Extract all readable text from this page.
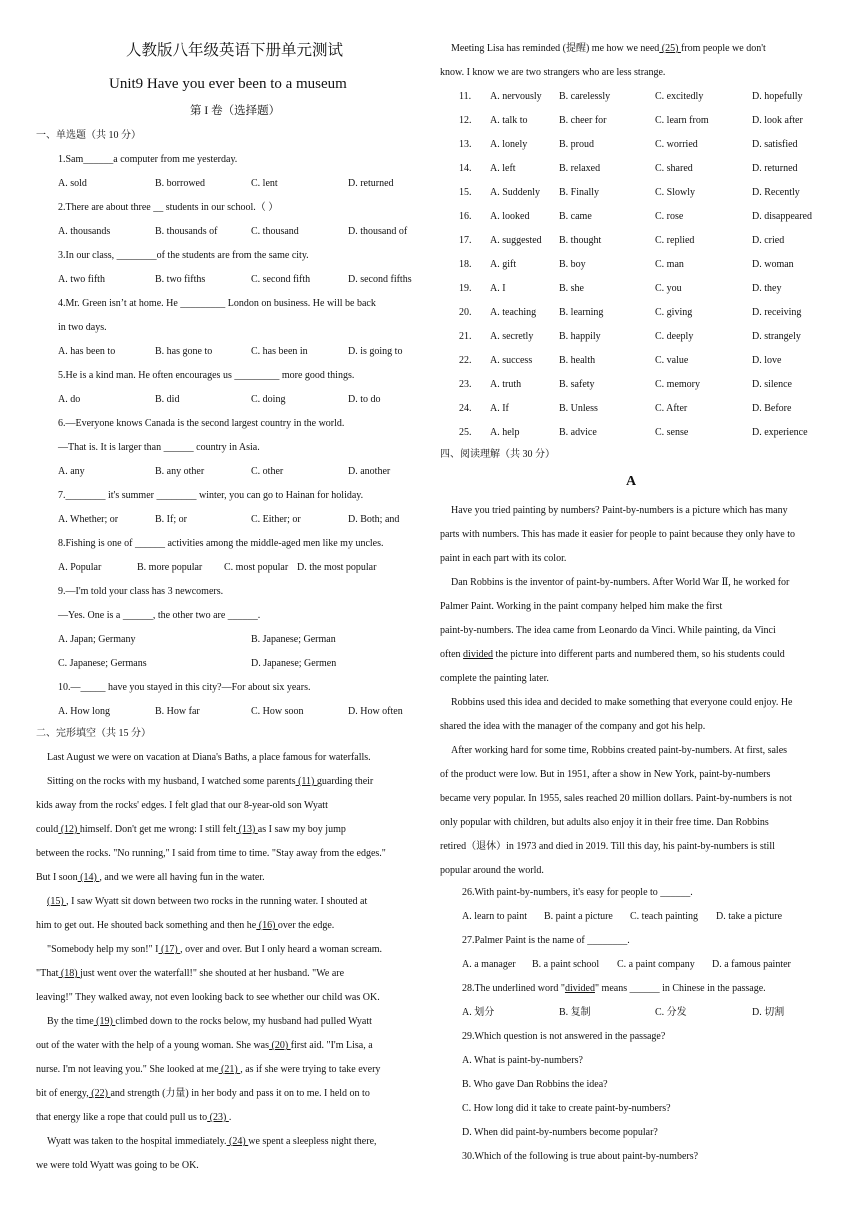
人教版八年级英语下册单元测试
Unit9 Have you ever been to a museum
第 I 卷（选择题）
一、单选题（共 10 分）
1.Sam______a computer from me yesterday.
A. sold	B. borrowed	C. lent	D. returned
2.There are about three __ students in our school.（ ）
A. thousands	B. thousands of	C. thousand	D. thousand of
3.In our class, ________of the students are from the same city.
A. two fifth	B. two fifths	C. second fifth	D. second fifths
4.Mr. Green isn’t at home. He _________ London on business. He will be back
in two days.
A. has been to	B. has gone to	C. has been in	D. is going to
5.He is a kind man. He often encourages us _________ more good things.
A. do	B. did	C. doing	D. to do
6.—Everyone knows Canada is the second largest country in the world.
—That is. It is larger than ______ country in Asia.
A. any	B. any other	C. other	D. another
7.________ it's summer ________ winter, you can go to Hainan for holiday.
A. Whether; or	B. If; or	C. Either; or	D. Both; and
8.Fishing is one of ______ activities among the middle-aged men like my uncles.
A. Popular	B. more popular C. most popular D. the most popular
9.—I'm told your class has 3 newcomers.
—Yes. One is a ______, the other two are ______.
A. Japan; Germany	B. Japanese; German
C. Japanese; Germans	D. Japanese; Germen
10.—_____ have you stayed in this city?—For about six years.
A. How long	B. How far	C. How soon	D. How often
二、完形填空（共 15 分）
Last August we were on vacation at Diana's Baths, a place famous for waterfalls.
Sitting on the rocks with my husband, I watched some parents (11) guarding their
kids away from the rocks' edges. I felt glad that our 8-year-old son Wyatt
could (12) himself. Don't get me wrong: I still felt (13) as I saw my boy jump
between the rocks. "No running," I said from time to time. "Stay away from the edges."
But I soon (14) , and we were all having fun in the water.
(15) , I saw Wyatt sit down between two rocks in the running water. I shouted at
him to get out. He shouted back something and then he (16) over the edge.
"Somebody help my son!" I (17) , over and over. But I only heard a woman scream.
"That (18) just went over the waterfall!" she shouted at her husband. "We are
leaving!" They walked away, not even looking back to see whether our child was OK.
By the time (19) climbed down to the rocks below, my husband had pulled Wyatt
out of the water with the help of a young woman. She was (20) first aid. "I'm Lisa, a
nurse. I'm not leaving you." She looked at me (21) , as if she were trying to take every
bit of energy, (22) and strength (力量) in her body and pass it on to me. I held on to
that energy like a rope that could pull us to (23) .
Wyatt was taken to the hospital immediately. (24) we spent a sleepless night there,
we were told Wyatt was going to be OK.
Meeting Lisa has reminded (提醒) me how we need (25) from people we don't
know. I know we are two strangers who are less strange.
11. A. nervously B. carelessly	C. excitedly	D. hopefully
12. A. talk to	B. cheer for	C. learn from	D. look after
13. A. lonely	B. proud	C. worried	D. satisfied
14. A. left	B. relaxed	C. shared	D. returned
15. A. Suddenly B. Finally	C. Slowly	D. Recently
16. A. looked	B. came	C. rose	D. disappeared
17. A. suggested B. thought	C. replied	D. cried
18. A. gift	B. boy	C. man	D. woman
19. A. I	B. she	C. you	D. they
20. A. teaching B. learning	C. giving	D. receiving
21. A. secretly	B. happily	C. deeply	D. strangely
22. A. success	B. health	C. value	D. love
23. A. truth	B. safety	C. memory	D. silence
24. A. If	B. Unless	C. After	D. Before
25. A. help	B. advice	C. sense	D. experience
四、阅读理解（共 30 分）
A
Have you tried painting by numbers? Paint-by-numbers is a picture which has many
parts with numbers. This has made it easier for people to paint because they only have to
paint in each part with its color.
Dan Robbins is the inventor of paint-by-numbers. After World War Ⅱ, he worked for
Palmer Paint. Working in the paint company helped him make the first
paint-by-numbers. The idea came from Leonardo da Vinci. While painting, da Vinci
often divided the picture into different parts and numbered them, so his students could
complete the painting later.
Robbins used this idea and decided to make something that everyone could enjoy. He
shared the idea with the manager of the company and got his help.
After working hard for some time, Robbins created paint-by-numbers. At first, sales
of the product were low. But in 1951, after a show in New York, paint-by-numbers
became very popular. In 1955, sales reached 20 million dollars. Paint-by-numbers is not
only popular with children, but adults also enjoy it in their free time. Dan Robbins
retired（退休）in 1973 and died in 2019. Till this day, his paint-by-numbers is still
popular around the world.
26.With paint-by-numbers, it's easy for people to ______.
A. learn to paint B. paint a picture C. teach painting D. take a picture
27.Palmer Paint is the name of ________.
A. a manager B. a paint school C. a paint company D. a famous painter
28.The underlined word "divided" means ______ in Chinese in the passage.
A. 划分	B. 复制	C. 分发	D. 切割
29.Which question is not answered in the passage?
A. What is paint-by-numbers?
B. Who gave Dan Robbins the idea?
C. How long did it take to create paint-by-numbers?
D. When did paint-by-numbers become popular?
30.Which of the following is true about paint-by-numbers?
